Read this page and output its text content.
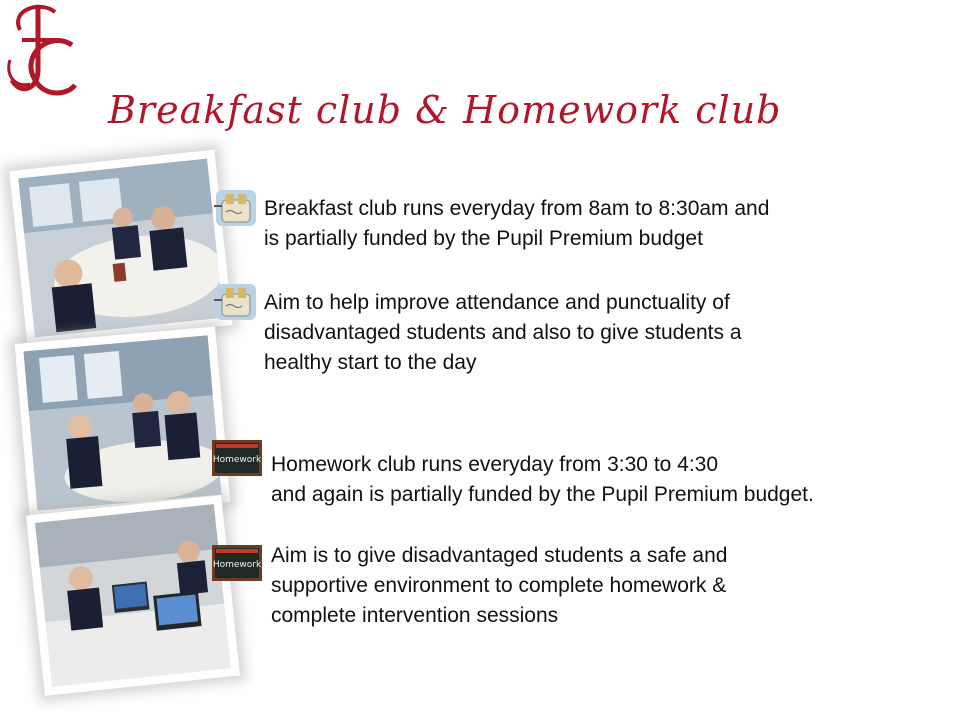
Breakfast club & Homework club
Breakfast club runs everyday from 8am to 8:30am and
is partially funded by the Pupil Premium budget
Aim to help improve attendance and punctuality of
disadvantaged students and also to give students a
healthy start to the day
Homework Homework club runs everyday from 3:30 to 4:30
and again is partially funded by the Pupil Premium budget.
Homework Aim is to give disadvantaged students a safe and
supportive environment to complete homework &
complete intervention sessions
